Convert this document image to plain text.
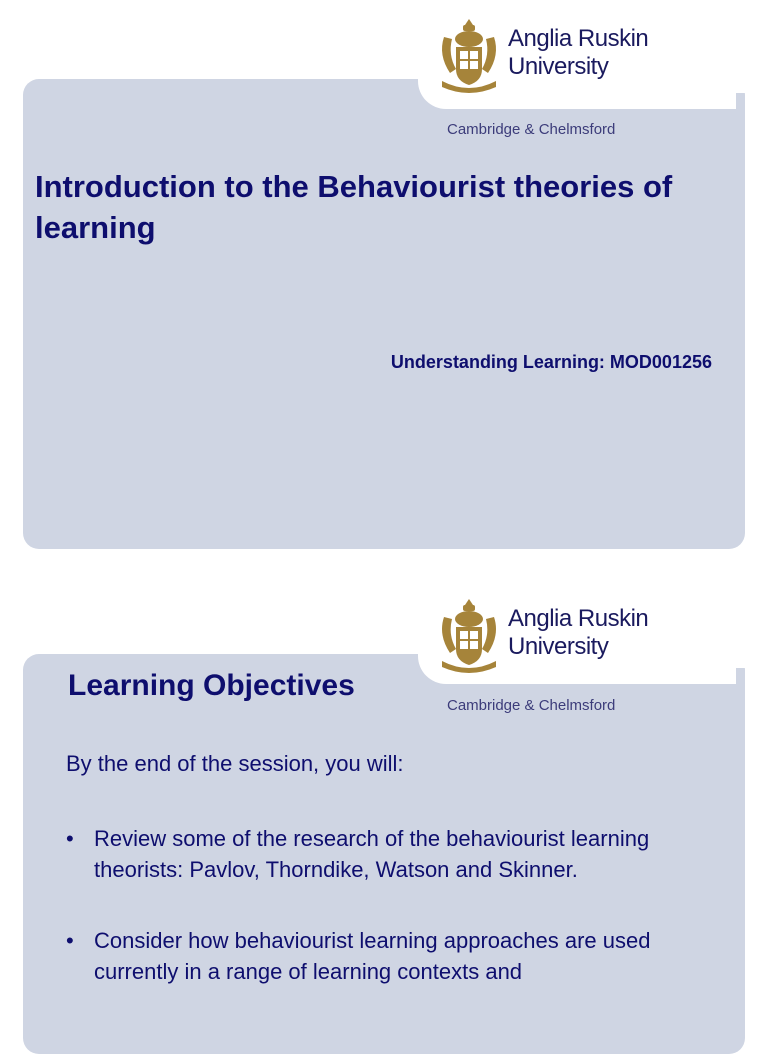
Anglia Ruskin
University
Cambridge & Chelmsford
Introduction to the Behaviourist theories of learning
Understanding Learning: MOD001256
Anglia Ruskin
University
Cambridge & Chelmsford
Learning Objectives
By the end of the session, you will:
• Review some of the research of the behaviourist learning theorists: Pavlov, Thorndike, Watson and Skinner.
• Consider how behaviourist learning approaches are used currently in a range of learning contexts and
